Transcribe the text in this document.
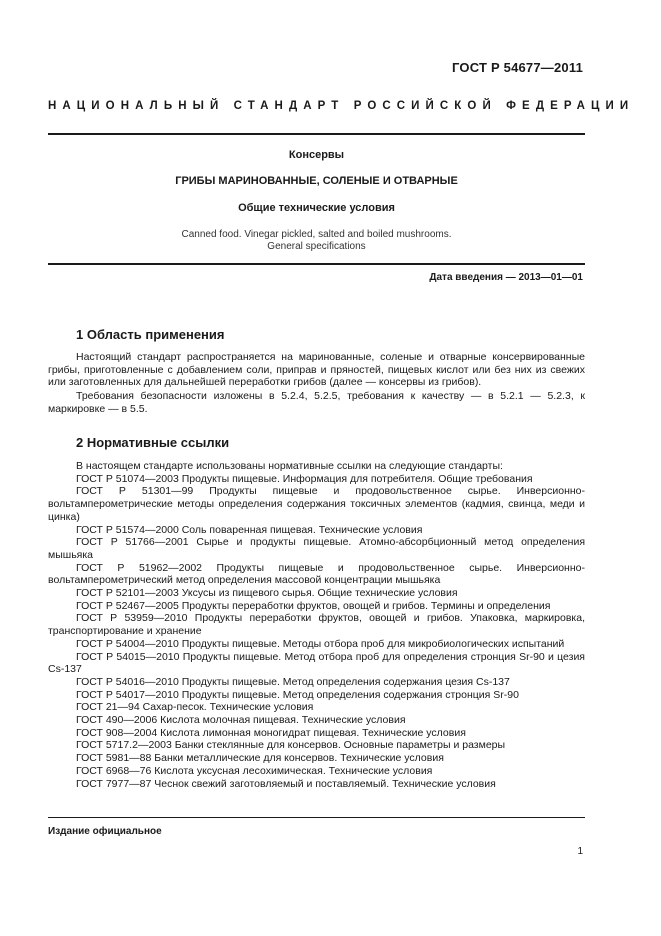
ГОСТ Р 54677—2011
НАЦИОНАЛЬНЫЙ СТАНДАРТ РОССИЙСКОЙ ФЕДЕРАЦИИ
Консервы
ГРИБЫ МАРИНОВАННЫЕ, СОЛЕНЫЕ И ОТВАРНЫЕ
Общие технические условия
Canned food. Vinegar pickled, salted and boiled mushrooms.
General specifications
Дата введения — 2013—01—01
1 Область применения
Настоящий стандарт распространяется на маринованные, соленые и отварные консервированные грибы, приготовленные с добавлением соли, приправ и пряностей, пищевых кислот или без них из свежих или заготовленных для дальнейшей переработки грибов (далее — консервы из грибов).
Требования безопасности изложены в 5.2.4, 5.2.5, требования к качеству — в 5.2.1 — 5.2.3, к маркировке — в 5.5.
2 Нормативные ссылки
В настоящем стандарте использованы нормативные ссылки на следующие стандарты:
ГОСТ Р 51074—2003 Продукты пищевые. Информация для потребителя. Общие требования
ГОСТ Р 51301—99 Продукты пищевые и продовольственное сырье. Инверсионно-вольтамперометрические методы определения содержания токсичных элементов (кадмия, свинца, меди и цинка)
ГОСТ Р 51574—2000 Соль поваренная пищевая. Технические условия
ГОСТ Р 51766—2001 Сырье и продукты пищевые. Атомно-абсорбционный метод определения мышьяка
ГОСТ Р 51962—2002 Продукты пищевые и продовольственное сырье. Инверсионно-вольтамперометрический метод определения массовой концентрации мышьяка
ГОСТ Р 52101—2003 Уксусы из пищевого сырья. Общие технические условия
ГОСТ Р 52467—2005 Продукты переработки фруктов, овощей и грибов. Термины и определения
ГОСТ Р 53959—2010 Продукты переработки фруктов, овощей и грибов. Упаковка, маркировка, транспортирование и хранение
ГОСТ Р 54004—2010 Продукты пищевые. Методы отбора проб для микробиологических испытаний
ГОСТ Р 54015—2010 Продукты пищевые. Метод отбора проб для определения стронция Sr-90 и цезия Cs-137
ГОСТ Р 54016—2010 Продукты пищевые. Метод определения содержания цезия Cs-137
ГОСТ Р 54017—2010 Продукты пищевые. Метод определения содержания стронция Sr-90
ГОСТ 21—94 Сахар-песок. Технические условия
ГОСТ 490—2006 Кислота молочная пищевая. Технические условия
ГОСТ 908—2004 Кислота лимонная моногидрат пищевая. Технические условия
ГОСТ 5717.2—2003 Банки стеклянные для консервов. Основные параметры и размеры
ГОСТ 5981—88 Банки металлические для консервов. Технические условия
ГОСТ 6968—76 Кислота уксусная лесохимическая. Технические условия
ГОСТ 7977—87 Чеснок свежий заготовляемый и поставляемый. Технические условия
Издание официальное
1
